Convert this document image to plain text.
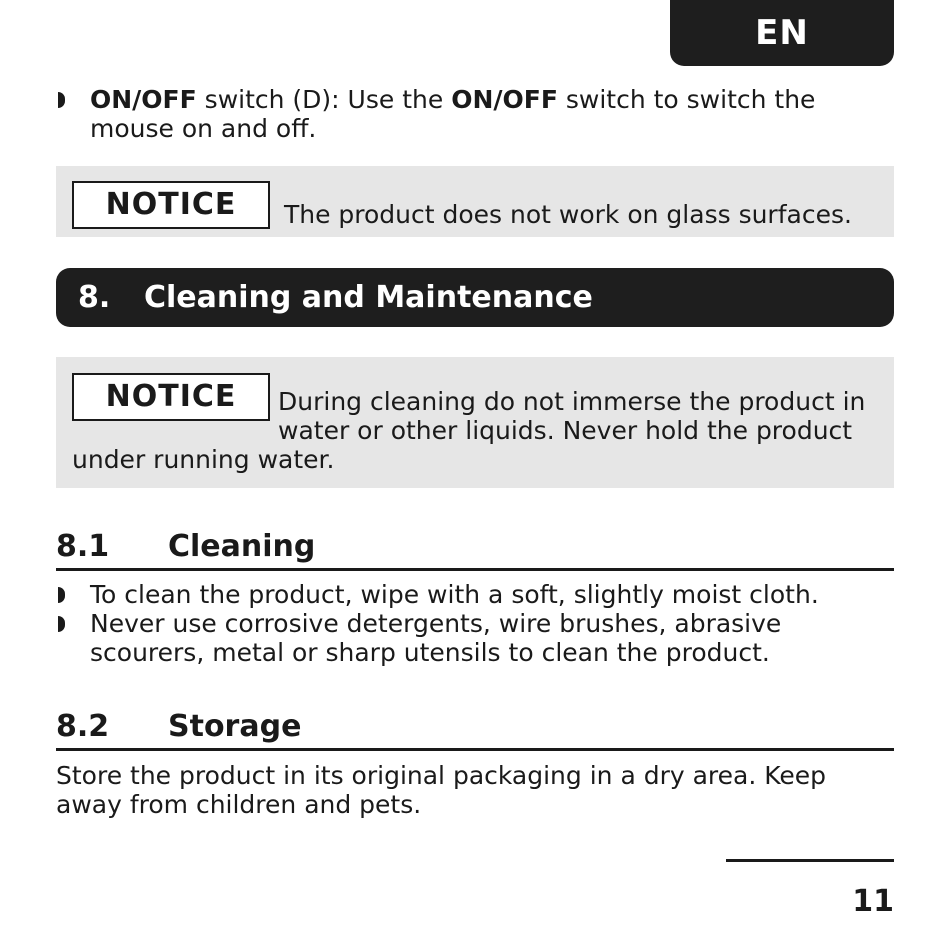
EN
ON/OFF switch (D): Use the ON/OFF switch to switch the mouse on and off.
NOTICE The product does not work on glass surfaces.
8.	Cleaning and Maintenance
NOTICE	During cleaning do not immerse the product in water or other liquids. Never hold the product under running water.
8.1	Cleaning
To clean the product, wipe with a soft, slightly moist cloth.
Never use corrosive detergents, wire brushes, abrasive scourers, metal or sharp utensils to clean the product.
8.2	Storage
Store the product in its original packaging in a dry area. Keep away from children and pets.
11
